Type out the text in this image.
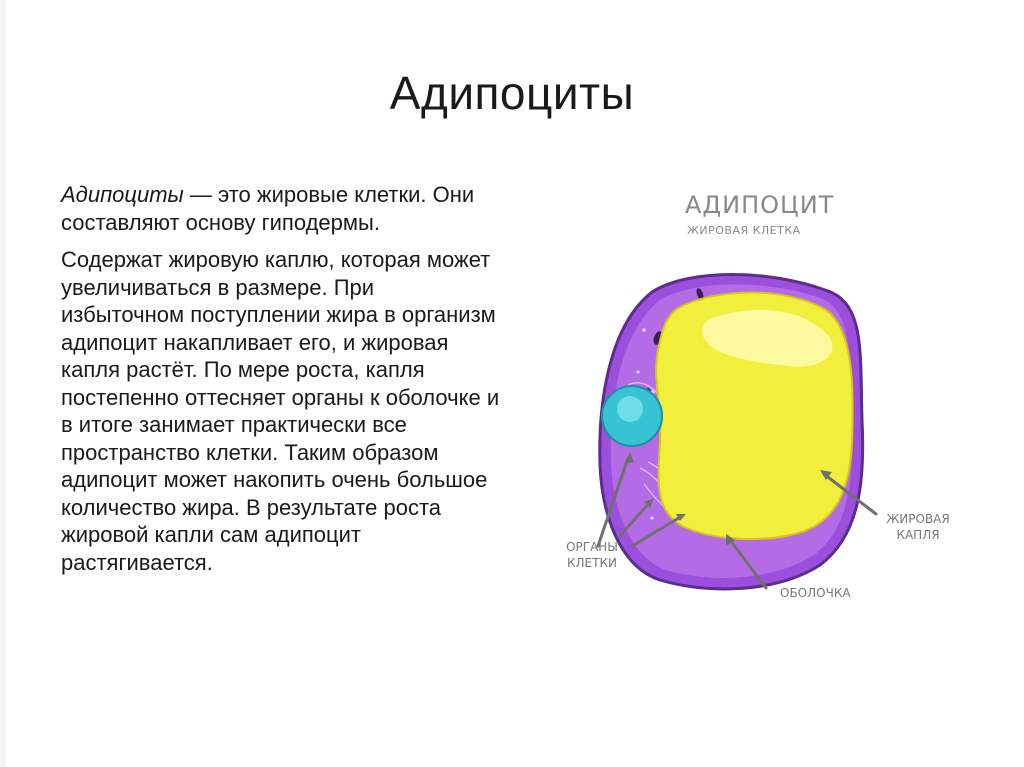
Адипоциты

Адипоциты — это жировые клетки. Они составляют основу гиподермы.

Содержат жировую каплю, которая может увеличиваться в размере. При избыточном поступлении жира в организм адипоцит накапливает его, и жировая капля растёт. По мере роста, капля постепенно оттесняет органы к оболочке и в итоге занимает практически все пространство клетки. Таким образом адипоцит может накопить очень большое количество жира. В результате роста жировой капли сам адипоцит растягивается.

АДИПОЦИТ
ЖИРОВАЯ КЛЕТКА
ОРГАНЫ
КЛЕТКИ
ЖИРОВАЯ
КАПЛЯ
ОБОЛОЧКА
